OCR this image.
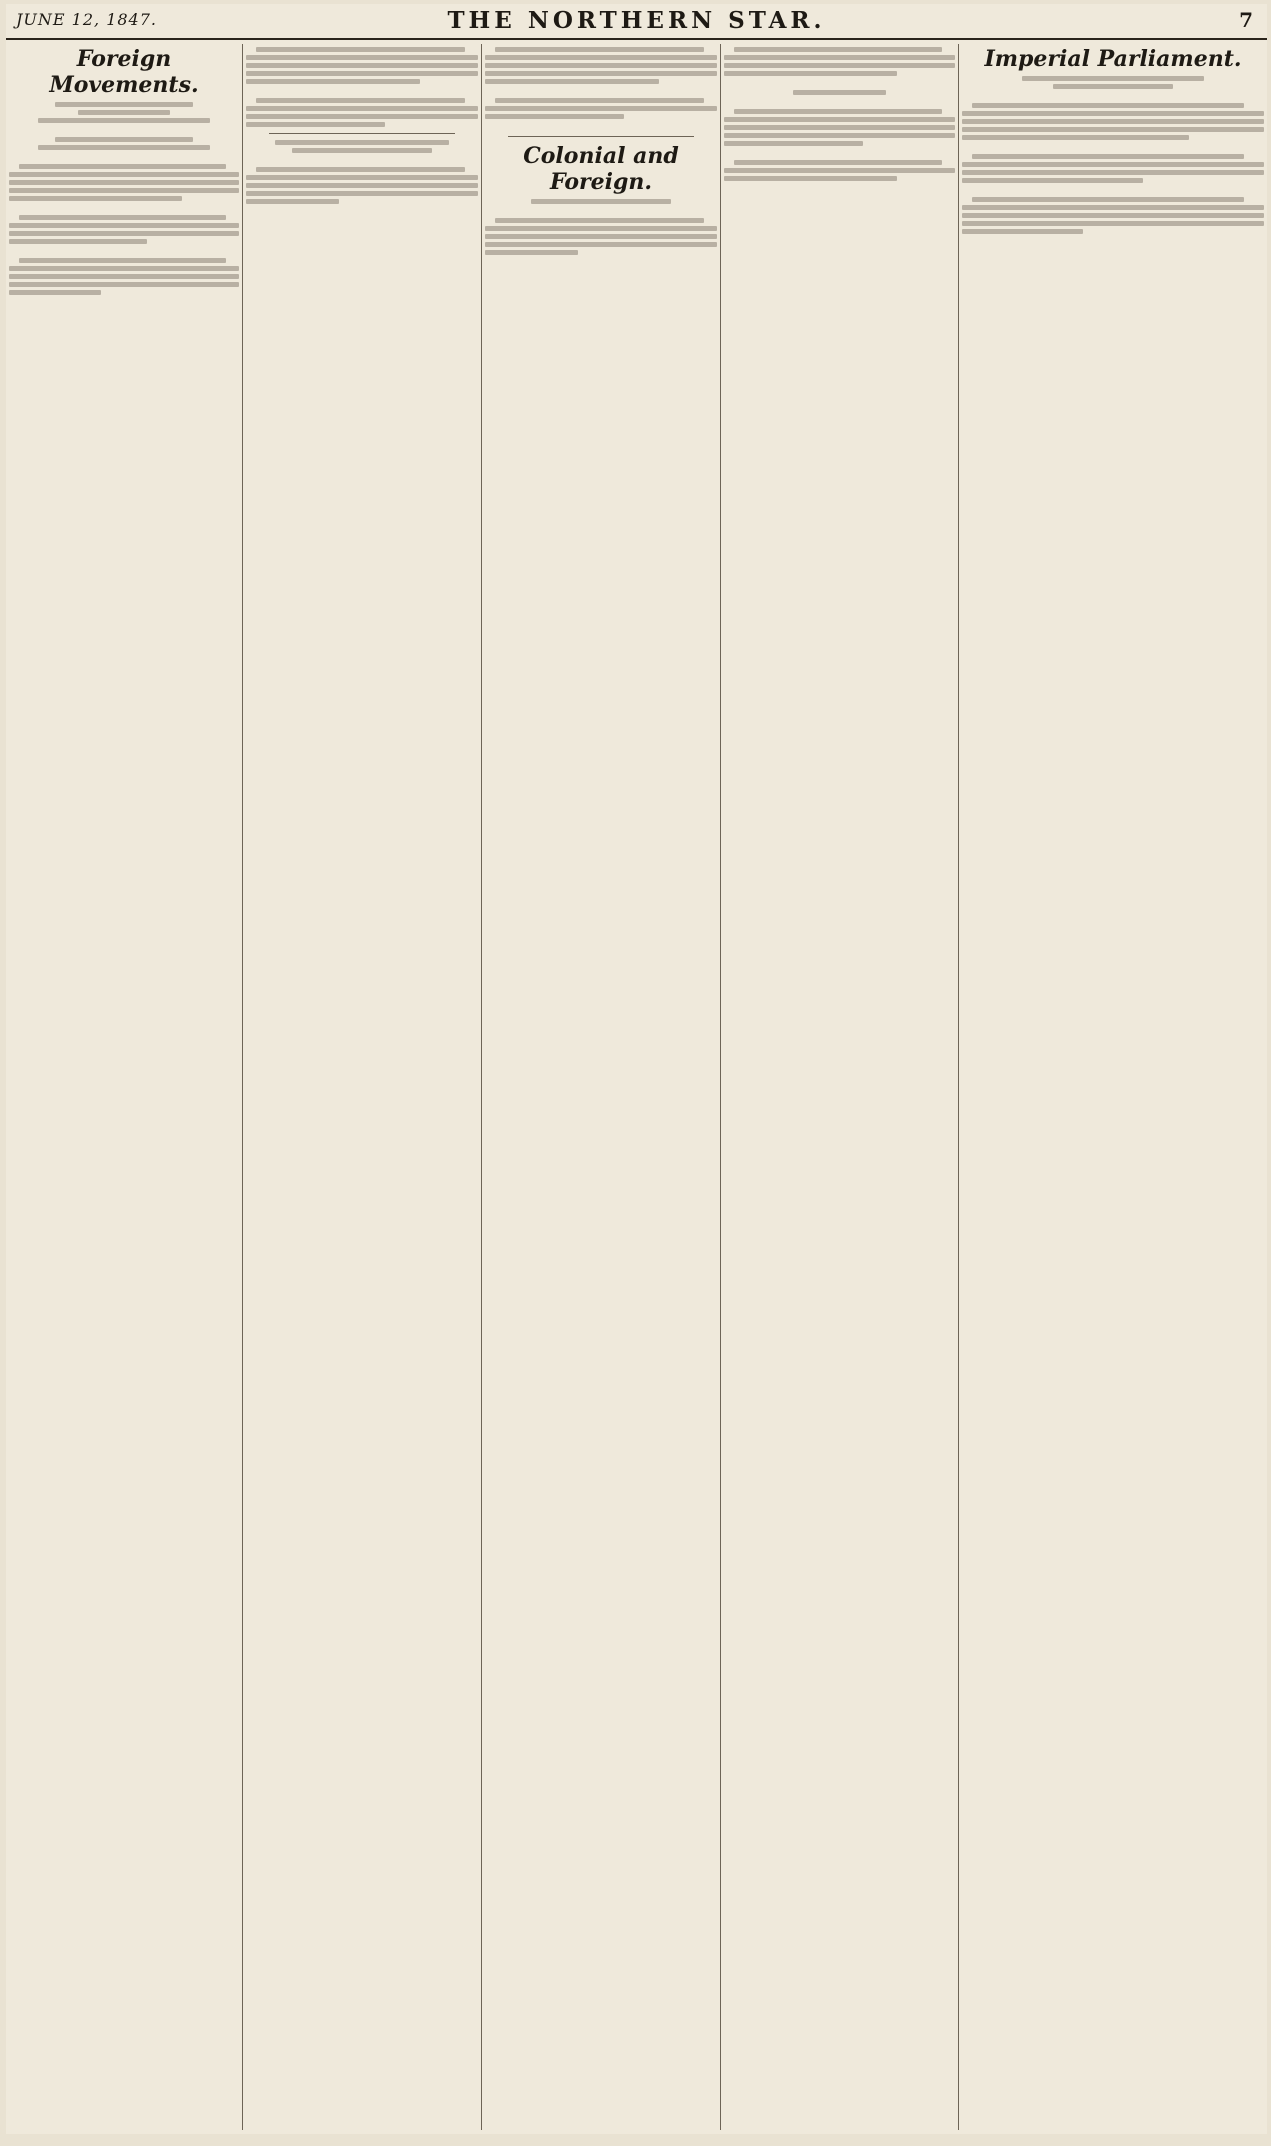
JUNE 12, 1847.	THE NORTHERN STAR.	7
Foreign Movements.
Colonial and Foreign.
Imperial Parliament.
